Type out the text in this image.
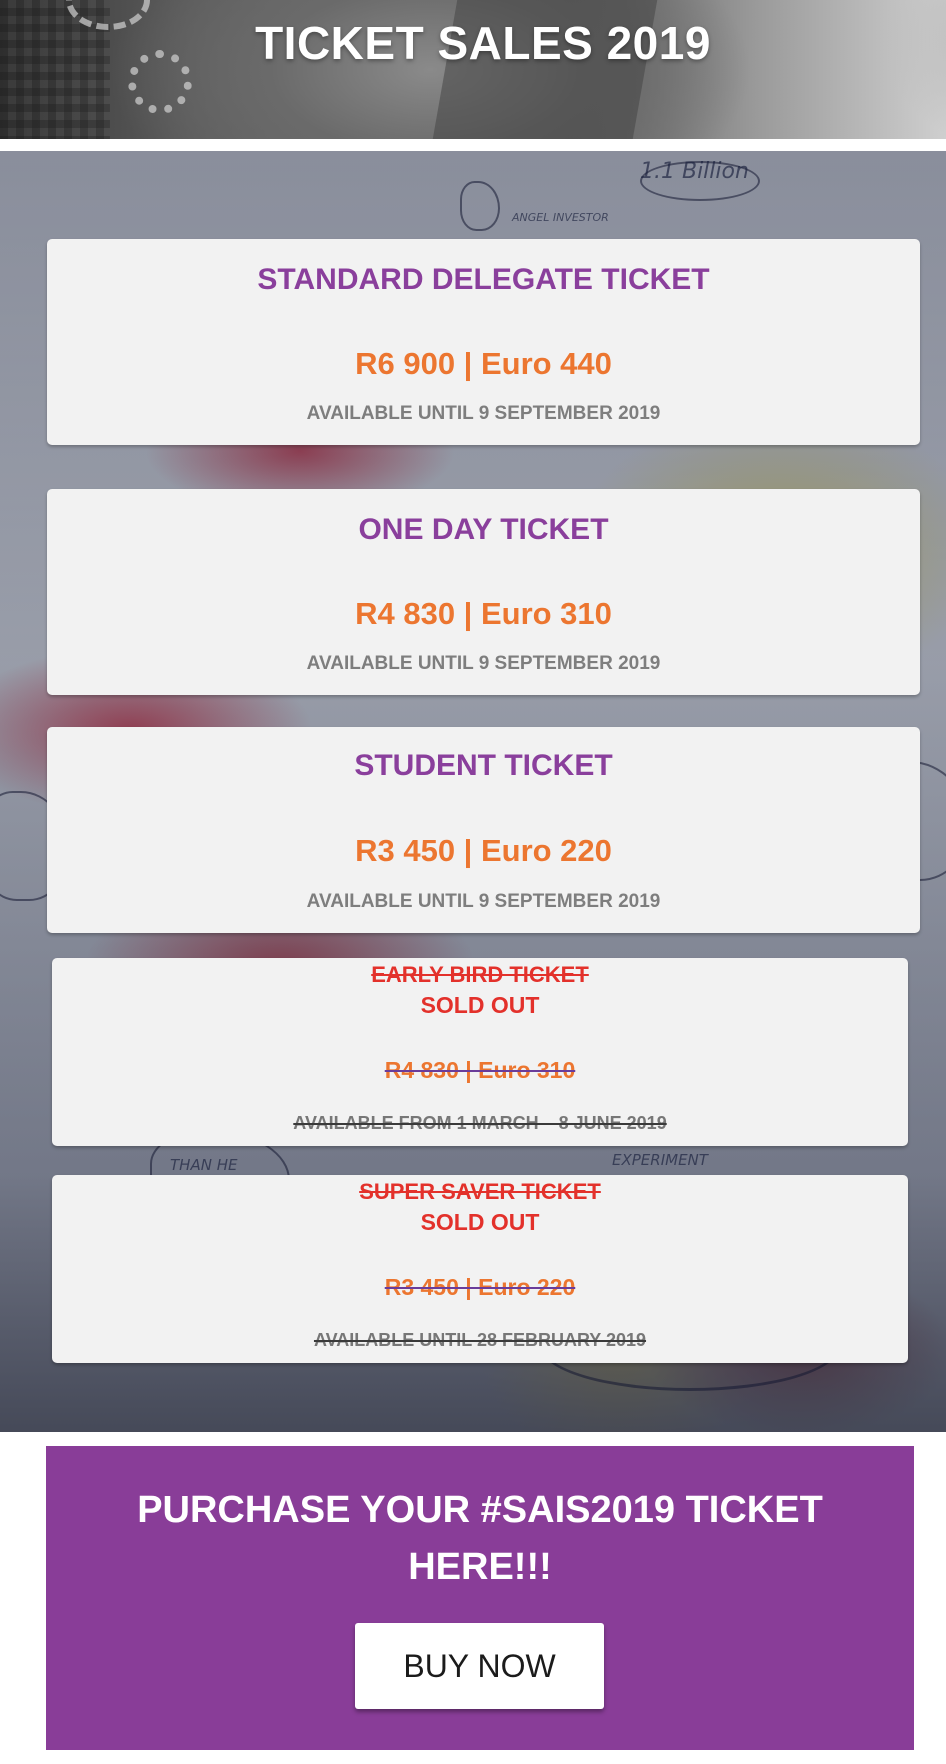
TICKET SALES 2019
1.1 Billion
ANGEL INVESTOR
EXPERIMENT
THAN HE
STANDARD DELEGATE TICKET
R6 900 | Euro 440
AVAILABLE UNTIL 9 SEPTEMBER 2019
ONE DAY TICKET
R4 830 | Euro 310
AVAILABLE UNTIL 9 SEPTEMBER 2019
STUDENT TICKET
R3 450 | Euro 220
AVAILABLE UNTIL 9 SEPTEMBER 2019
EARLY BIRD TICKET
SOLD OUT
R4 830 | Euro 310
AVAILABLE FROM 1 MARCH – 8 JUNE 2019
SUPER SAVER TICKET
SOLD OUT
R3 450 | Euro 220
AVAILABLE UNTIL 28 FEBRUARY 2019
PURCHASE YOUR #SAIS2019 TICKET HERE!!!
BUY NOW
